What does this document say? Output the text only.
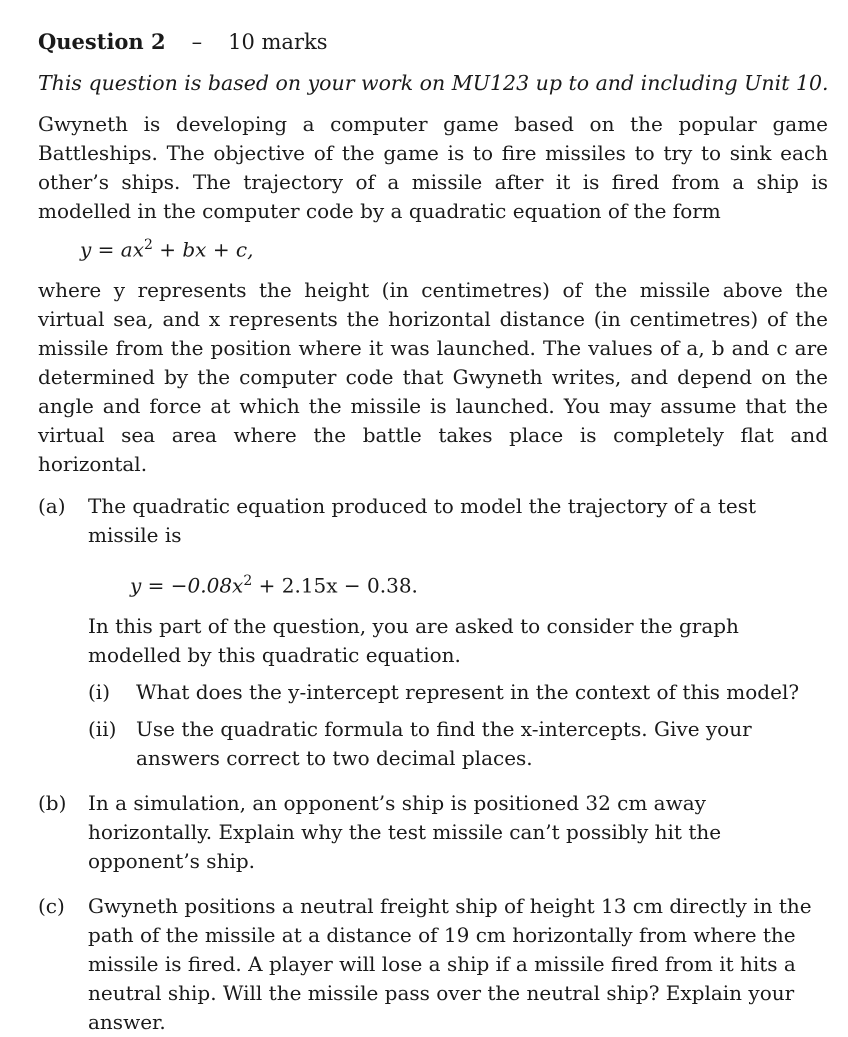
Question 2 – 10 marks
This question is based on your work on MU123 up to and including Unit 10.
Gwyneth is developing a computer game based on the popular game Battleships. The objective of the game is to fire missiles to try to sink each other’s ships. The trajectory of a missile after it is fired from a ship is modelled in the computer code by a quadratic equation of the form
$y = ax^2$ + bx + c,
where y represents the height (in centimetres) of the missile above the virtual sea, and x represents the horizontal distance (in centimetres) of the missile from the position where it was launched. The values of a, b and c are determined by the computer code that Gwyneth writes, and depend on the angle and force at which the missile is launched. You may assume that the virtual sea area where the battle takes place is completely flat and horizontal.
(a) The quadratic equation produced to model the trajectory of a test missile is
$y = -0.08x^2 + 2.15x - 0.38$.
In this part of the question, you are asked to consider the graph modelled by this quadratic equation.
(i) What does the y-intercept represent in the context of this model?
(ii) Use the quadratic formula to find the x-intercepts. Give your answers correct to two decimal places.
(b) In a simulation, an opponent’s ship is positioned 32 cm away horizontally. Explain why the test missile can’t possibly hit the opponent’s ship.
(c) Gwyneth positions a neutral freight ship of height 13 cm directly in the path of the missile at a distance of 19 cm horizontally from where the missile is fired. A player will lose a ship if a missile fired from it hits a neutral ship. Will the missile pass over the neutral ship? Explain your answer.
